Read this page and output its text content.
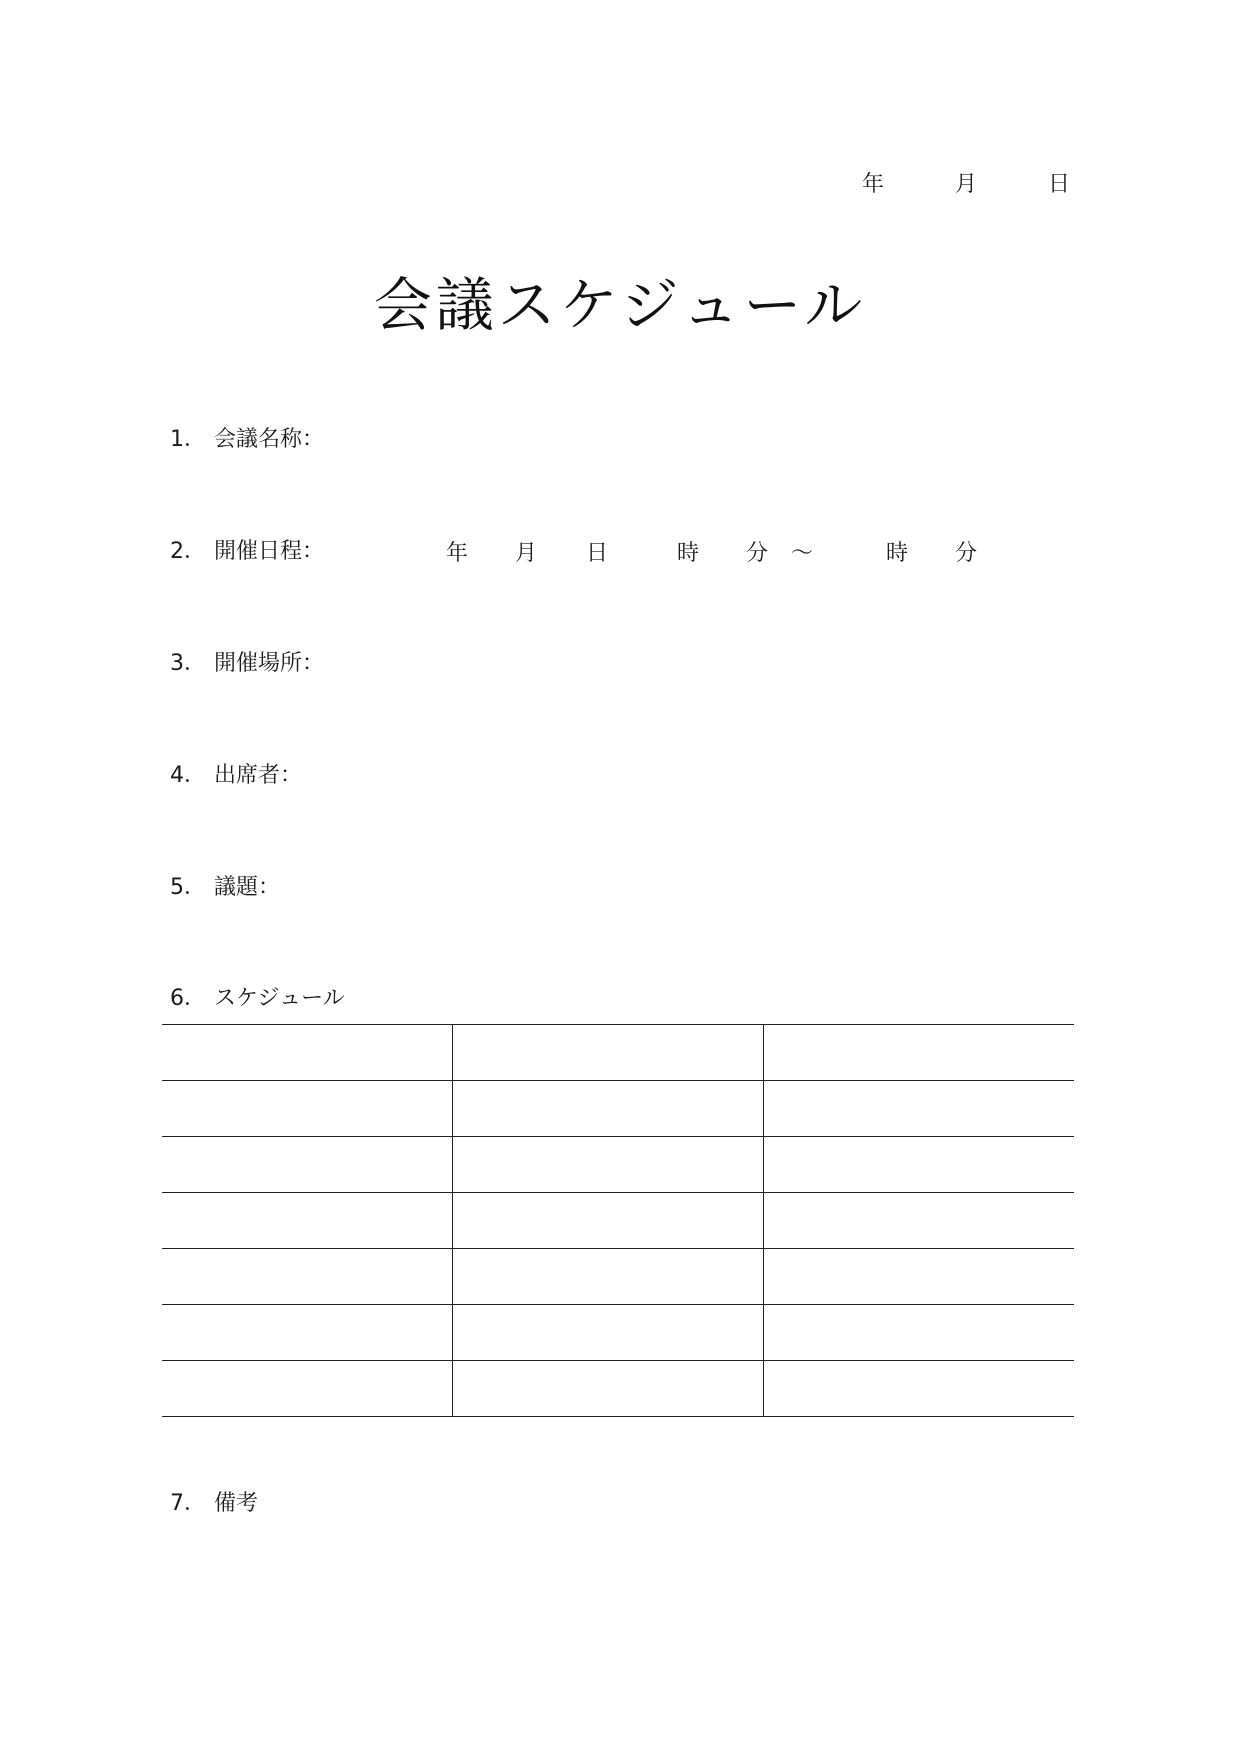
年	月	日
会議スケジュール
1． 会議名称：
2． 開催日程：	年 月 日	時 分 ～	時 分
3． 開催場所：
4． 出席者：
5． 議題：
6． スケジュール

7． 備考
